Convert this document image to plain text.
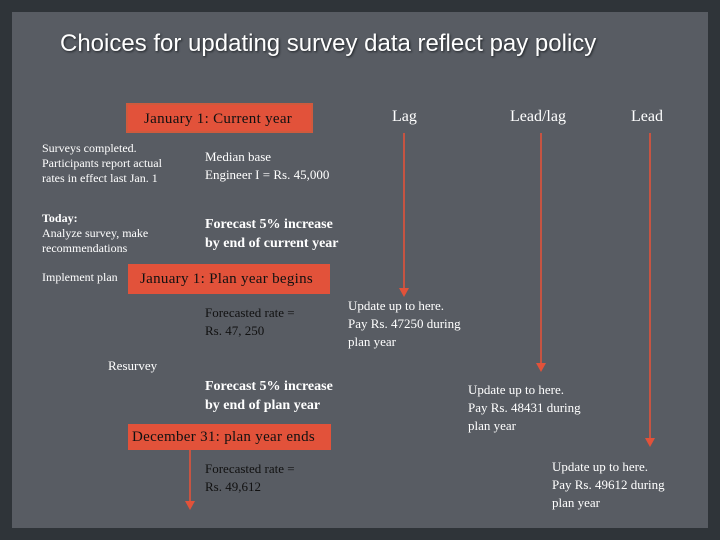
Choices for updating survey data reflect pay policy
Lag	Lead/lag	Lead
January 1: Current year
January 1: Plan year begins
December 31: plan year ends
Surveys completed. Participants report actual rates in effect last Jan. 1
Today:
Analyze survey, make recommendations
Implement plan
Resurvey
Median base
Engineer I = Rs. 45,000
Forecast 5% increase
by end of current year
Forecasted rate =
Rs. 47, 250
Forecast 5% increase
by end of plan year
Forecasted rate =
Rs. 49,612
Update up to here.
Pay Rs. 47250 during
plan year
Update up to here.
Pay Rs. 48431 during
plan year
Update up to here.
Pay Rs. 49612 during
plan year
